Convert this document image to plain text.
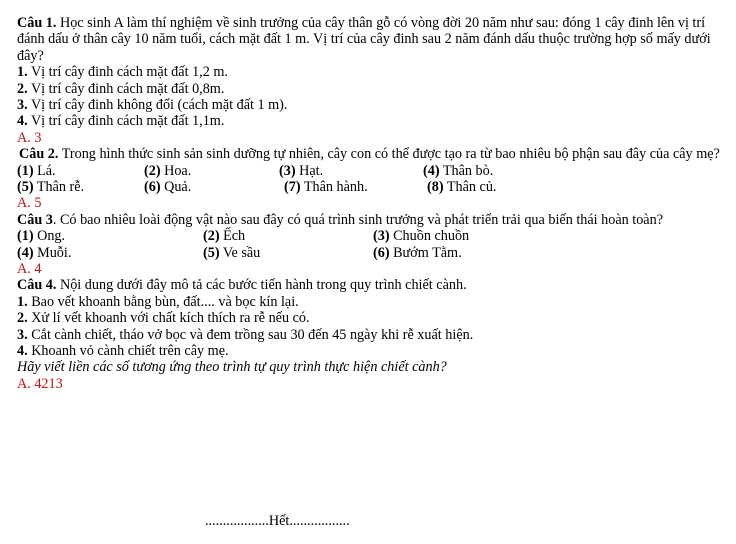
Câu 1. Học sinh A làm thí nghiệm về sinh trưởng của cây thân gỗ có vòng đời 20 năm như sau: đóng 1 cây đinh lên vị trí đánh dấu ở thân cây 10 năm tuổi, cách mặt đất 1 m. Vị trí của cây đinh sau 2 năm đánh dấu thuộc trường hợp số mấy dưới đây?
1. Vị trí cây đinh cách mặt đất 1,2 m.
2. Vị trí cây đinh cách mặt đất 0,8m.
3. Vị trí cây đinh không đổi (cách mặt đất 1 m).
4. Vị trí cây đinh cách mặt đất 1,1m.
A. 3
Câu 2. Trong hình thức sinh sản sinh dưỡng tự nhiên, cây con có thể được tạo ra từ bao nhiêu bộ phận sau đây của cây mẹ?
(1) Lá.	(2) Hoa.	(3) Hạt.	(4) Thân bò.
(5) Thân rễ.	(6) Quả.	(7) Thân hành.	(8) Thân củ.
A. 5
Câu 3. Có bao nhiêu loài động vật nào sau đây có quá trình sinh trưởng và phát triển trải qua biến thái hoàn toàn?
(1) Ong.	(2) Ếch	(3) Chuồn chuồn
(4) Muỗi.	(5) Ve sầu	(6) Bướm Tằm.
A. 4
Câu 4. Nội dung dưới đây mô tả các bước tiến hành trong quy trình chiết cành.
1. Bao vết khoanh bằng bùn, đất.... và bọc kín lại.
2. Xử lí vết khoanh với chất kích thích ra rễ nếu có.
3. Cắt cành chiết, tháo vở bọc và đem trồng sau 30 đến 45 ngày khi rễ xuất hiện.
4. Khoanh vỏ cành chiết trên cây mẹ.
Hãy viết liền các số tương ứng theo trình tự quy trình thực hiện chiết cành?
A. 4213
..................Hết.................
